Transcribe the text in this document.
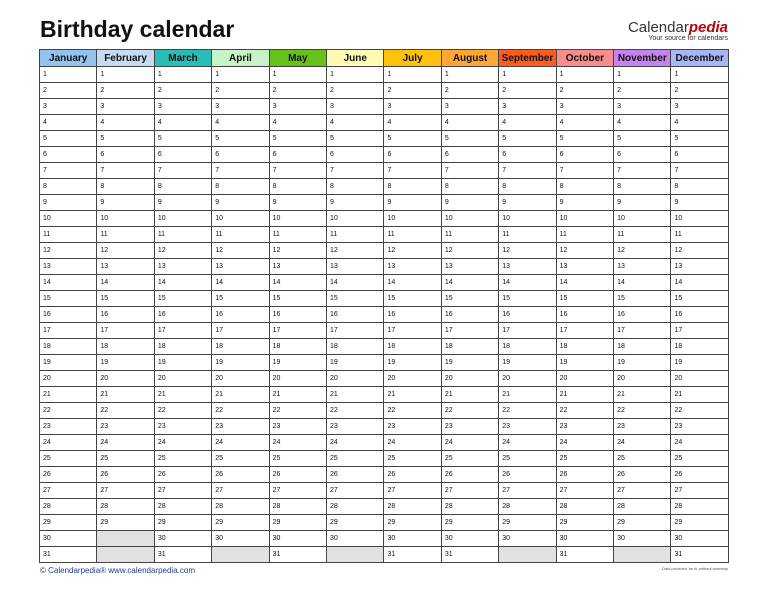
Birthday calendar	Calendarpedia
Your source for calendars
January	February	March	April	May	June	July	August	September	October	November	December
1	1	1	1	1	1	1	1	1	1	1	1
2	2	2	2	2	2	2	2	2	2	2	2
3	3	3	3	3	3	3	3	3	3	3	3
4	4	4	4	4	4	4	4	4	4	4	4
5	5	5	5	5	5	5	5	5	5	5	5
6	6	6	6	6	6	6	6	6	6	6	6
7	7	7	7	7	7	7	7	7	7	7	7
8	8	8	8	8	8	8	8	8	8	8	8
9	9	9	9	9	9	9	9	9	9	9	9
10	10	10	10	10	10	10	10	10	10	10	10
11	11	11	11	11	11	11	11	11	11	11	11
12	12	12	12	12	12	12	12	12	12	12	12
13	13	13	13	13	13	13	13	13	13	13	13
14	14	14	14	14	14	14	14	14	14	14	14
15	15	15	15	15	15	15	15	15	15	15	15
16	16	16	16	16	16	16	16	16	16	16	16
17	17	17	17	17	17	17	17	17	17	17	17
18	18	18	18	18	18	18	18	18	18	18	18
19	19	19	19	19	19	19	19	19	19	19	19
20	20	20	20	20	20	20	20	20	20	20	20
21	21	21	21	21	21	21	21	21	21	21	21
22	22	22	22	22	22	22	22	22	22	22	22
23	23	23	23	23	23	23	23	23	23	23	23
24	24	24	24	24	24	24	24	24	24	24	24
25	25	25	25	25	25	25	25	25	25	25	25
26	26	26	26	26	26	26	26	26	26	26	26
27	27	27	27	27	27	27	27	27	27	27	27
28	28	28	28	28	28	28	28	28	28	28	28
29	29	29	29	29	29	29	29	29	29	29	29
30		30	30	30	30	30	30	30	30	30	30
31		31		31		31	31		31		31
© Calendarpedia® www.calendarpedia.com	Data provided 'as is' without warranty
